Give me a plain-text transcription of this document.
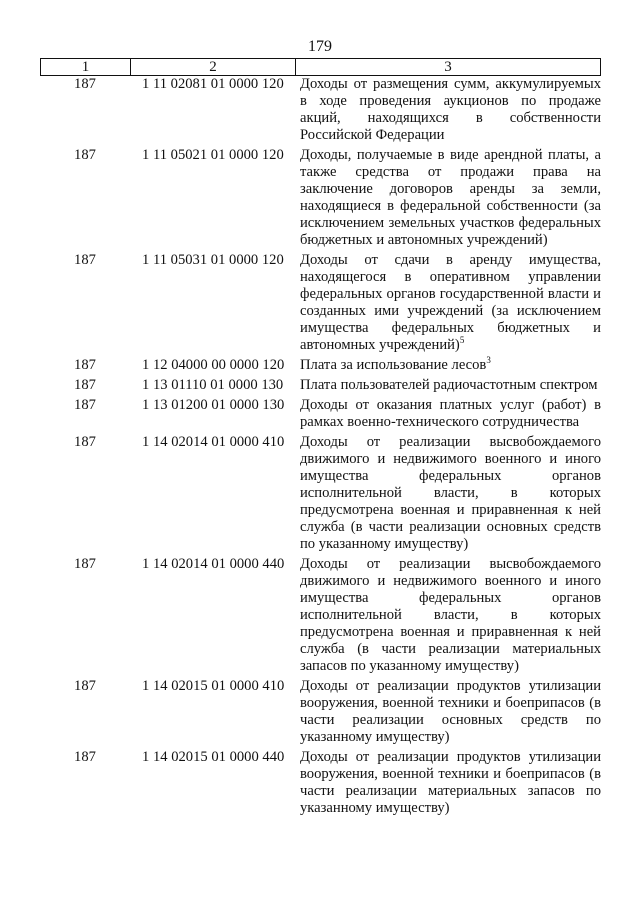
179
1	2	3
187	1 11 02081 01 0000 120	Доходы от размещения сумм, аккумулируемых в ходе проведения аукционов по продаже акций, находящихся в собственности Российской Федерации
187	1 11 05021 01 0000 120	Доходы, получаемые в виде арендной платы, а также средства от продажи права на заключение договоров аренды за земли, находящиеся в федеральной собственности (за исключением земельных участков федеральных бюджетных и автономных учреждений)
187	1 11 05031 01 0000 120	Доходы от сдачи в аренду имущества, находящегося в оперативном управлении федеральных органов государственной власти и созданных ими учреждений (за исключением имущества федеральных бюджетных и автономных учреждений)$^5$
187	1 12 04000 00 0000 120	Плата за использование лесов$^3$
187	1 13 01110 01 0000 130	Плата пользователей радиочастотным спектром
187	1 13 01200 01 0000 130	Доходы от оказания платных услуг (работ) в рамках военно-технического сотрудничества
187	1 14 02014 01 0000 410	Доходы от реализации высвобождаемого движимого и недвижимого военного и иного имущества федеральных органов исполнительной власти, в которых предусмотрена военная и приравненная к ней служба (в части реализации основных средств по указанному имуществу)
187	1 14 02014 01 0000 440	Доходы от реализации высвобождаемого движимого и недвижимого военного и иного имущества федеральных органов исполнительной власти, в которых предусмотрена военная и приравненная к ней служба (в части реализации материальных запасов по указанному имуществу)
187	1 14 02015 01 0000 410	Доходы от реализации продуктов утилизации вооружения, военной техники и боеприпасов (в части реализации основных средств по указанному имуществу)
187	1 14 02015 01 0000 440	Доходы от реализации продуктов утилизации вооружения, военной техники и боеприпасов (в части реализации материальных запасов по указанному имуществу)
